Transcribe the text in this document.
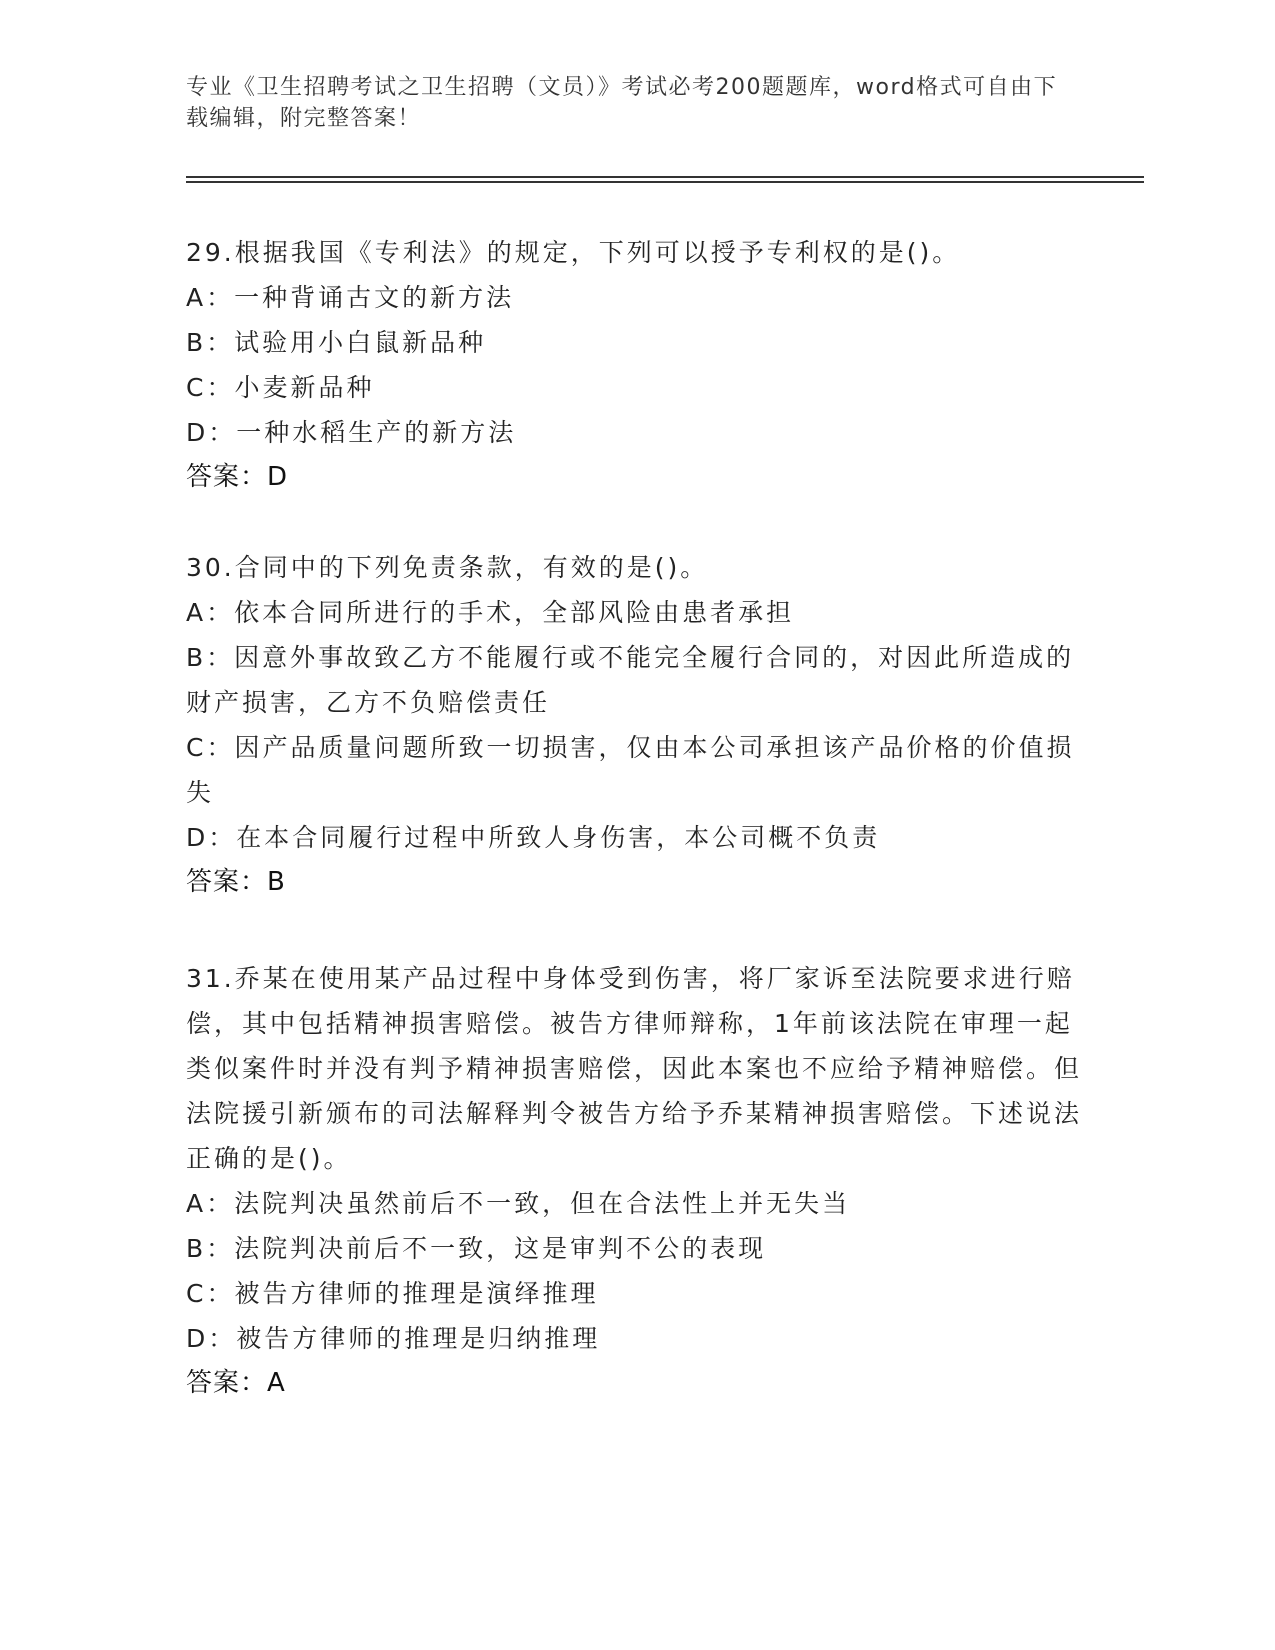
专业《卫生招聘考试之卫生招聘（文员）》考试必考200题题库，word格式可自由下载编辑，附完整答案！

29.根据我国《专利法》的规定，下列可以授予专利权的是()。

A：一种背诵古文的新方法

B：试验用小白鼠新品种

C：小麦新品种

D：一种水稻生产的新方法

答案：D

30.合同中的下列免责条款，有效的是()。

A：依本合同所进行的手术，全部风险由患者承担

B：因意外事故致乙方不能履行或不能完全履行合同的，对因此所造成的财产损害，乙方不负赔偿责任

C：因产品质量问题所致一切损害，仅由本公司承担该产品价格的价值损失

D：在本合同履行过程中所致人身伤害，本公司概不负责

答案：B

31.乔某在使用某产品过程中身体受到伤害，将厂家诉至法院要求进行赔偿，其中包括精神损害赔偿。被告方律师辩称，1年前该法院在审理一起类似案件时并没有判予精神损害赔偿，因此本案也不应给予精神赔偿。但法院援引新颁布的司法解释判令被告方给予乔某精神损害赔偿。下述说法正确的是()。

A：法院判决虽然前后不一致，但在合法性上并无失当

B：法院判决前后不一致，这是审判不公的表现

C：被告方律师的推理是演绎推理

D：被告方律师的推理是归纳推理

答案：A
